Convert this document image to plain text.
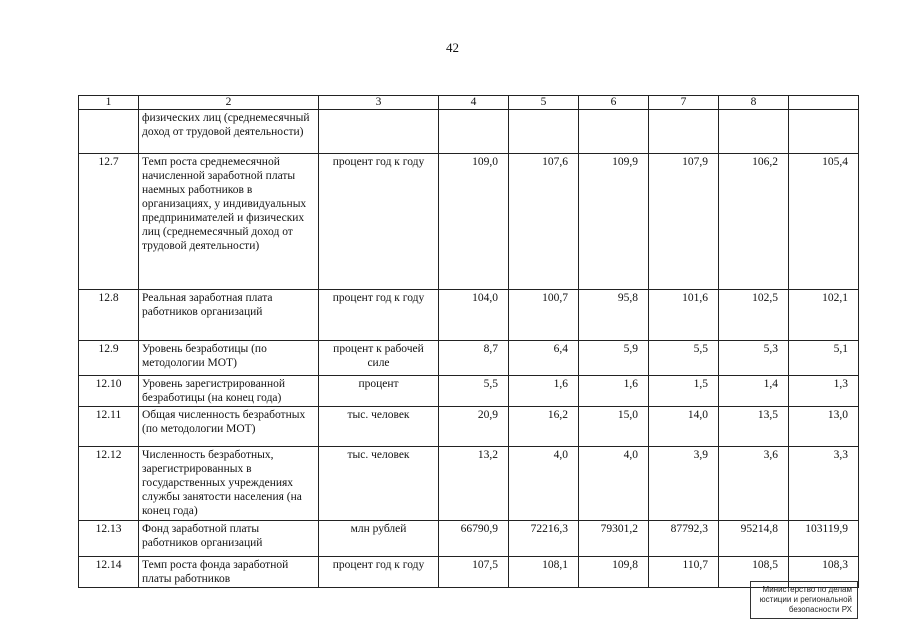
42
1	2	3	4	5	6	7	8	
	физических лиц (среднемесячный доход от трудовой деятельности)							
12.7	Темп роста среднемесячной начисленной заработной платы наемных работников в организациях, у индивидуальных предпринимателей и физических лиц (среднемесячный доход от трудовой деятельности)	процент год к году	109,0	107,6	109,9	107,9	106,2	105,4
12.8	Реальная заработная плата работников организаций	процент год к году	104,0	100,7	95,8	101,6	102,5	102,1
12.9	Уровень безработицы (по методологии МОТ)	процент к рабочей силе	8,7	6,4	5,9	5,5	5,3	5,1
12.10	Уровень зарегистрированной безработицы (на конец года)	процент	5,5	1,6	1,6	1,5	1,4	1,3
12.11	Общая численность безработных (по методологии МОТ)	тыс. человек	20,9	16,2	15,0	14,0	13,5	13,0
12.12	Численность безработных, зарегистрированных в государственных учреждениях службы занятости населения (на конец года)	тыс. человек	13,2	4,0	4,0	3,9	3,6	3,3
12.13	Фонд заработной платы работников организаций	млн рублей	66790,9	72216,3	79301,2	87792,3	95214,8	103119,9
12.14	Темп роста фонда заработной платы работников	процент год к году	107,5	108,1	109,8	110,7	108,5	108,3
Министерство по делам
юстиции и региональной
безопасности РХ
